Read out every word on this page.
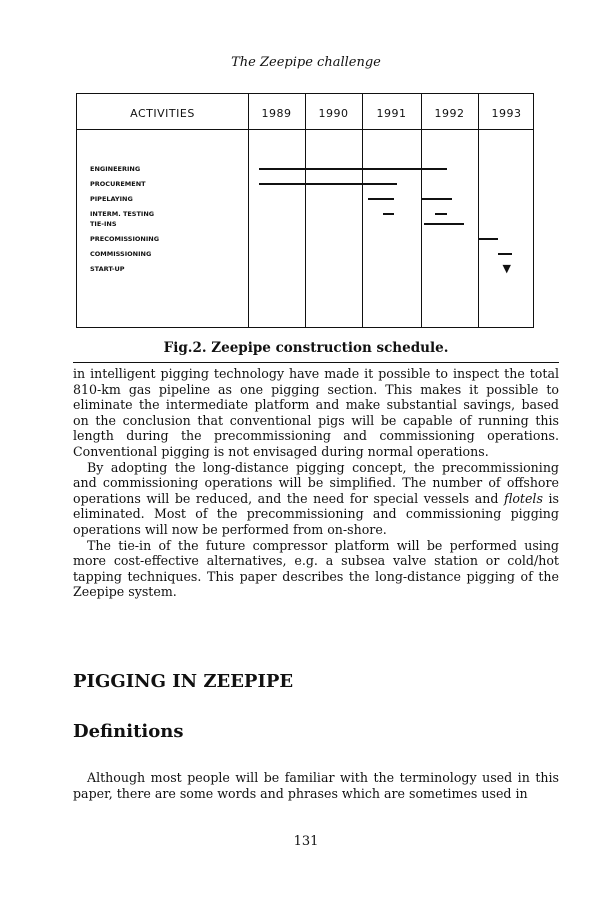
The Zeepipe challenge
ACTIVITIES	1989	1990	1991	1992	1993
ENGINEERING
PROCUREMENT
PIPELAYING
INTERM. TESTING
TIE-INS
PRECOMISSIONING
COMMISSIONING
START-UP	▼
Fig.2. Zeepipe construction schedule.

in intelligent pigging technology have made it possible to inspect the total 810-km gas pipeline as one pigging section. This makes it possible to eliminate the intermediate platform and make substantial savings, based on the conclusion that conventional pigs will be capable of running this length during the precommissioning and commissioning operations. Conventional pigging is not envisaged during normal operations.

By adopting the long-distance pigging concept, the precommissioning and commissioning operations will be simplified. The number of offshore operations will be reduced, and the need for special vessels and flotels is eliminated. Most of the precommissioning and commissioning pigging operations will now be performed from on-shore.

The tie-in of the future compressor platform will be performed using more cost-effective alternatives, e.g. a subsea valve station or cold/hot tapping techniques. This paper describes the long-distance pigging of the Zeepipe system.

PIGGING IN ZEEPIPE
Definitions

Although most people will be familiar with the terminology used in this paper, there are some words and phrases which are sometimes used in

131
